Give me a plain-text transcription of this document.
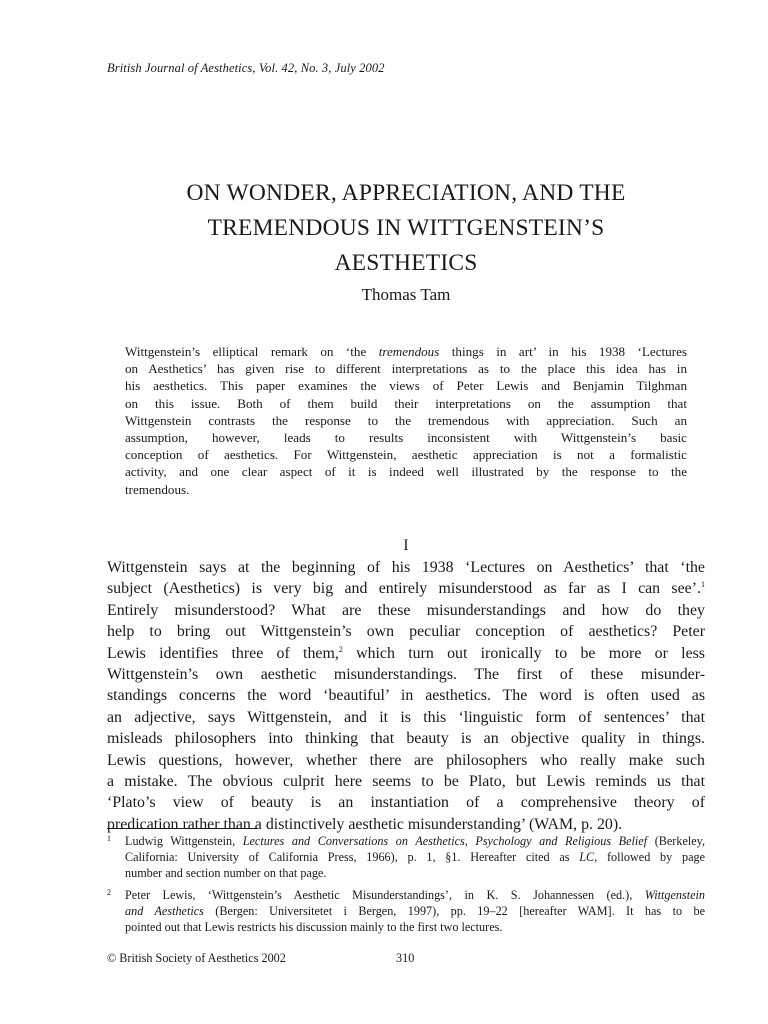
British Journal of Aesthetics, Vol. 42, No. 3, July 2002
ON WONDER, APPRECIATION, AND THE
TREMENDOUS IN WITTGENSTEIN’S
AESTHETICS
Thomas Tam
Wittgenstein’s elliptical remark on ‘the tremendous things in art’ in his 1938 ‘Lectures
on Aesthetics’ has given rise to different interpretations as to the place this idea has in
his aesthetics. This paper examines the views of Peter Lewis and Benjamin Tilghman
on this issue. Both of them build their interpretations on the assumption that
Wittgenstein contrasts the response to the tremendous with appreciation. Such an
assumption, however, leads to results inconsistent with Wittgenstein’s basic
conception of aesthetics. For Wittgenstein, aesthetic appreciation is not a formalistic
activity, and one clear aspect of it is indeed well illustrated by the response to the
tremendous.
I
Wittgenstein says at the beginning of his 1938 ‘Lectures on Aesthetics’ that ‘the
subject (Aesthetics) is very big and entirely misunderstood as far as I can see’.$^1$
Entirely misunderstood? What are these misunderstandings and how do they
help to bring out Wittgenstein’s own peculiar conception of aesthetics? Peter
Lewis identifies three of them,$^2$ which turn out ironically to be more or less
Wittgenstein’s own aesthetic misunderstandings. The first of these misunder-
standings concerns the word ‘beautiful’ in aesthetics. The word is often used as
an adjective, says Wittgenstein, and it is this ‘linguistic form of sentences’ that
misleads philosophers into thinking that beauty is an objective quality in things.
Lewis questions, however, whether there are philosophers who really make such
a mistake. The obvious culprit here seems to be Plato, but Lewis reminds us that
‘Plato’s view of beauty is an instantiation of a comprehensive theory of
predication rather than a distinctively aesthetic misunderstanding’ (WAM, p. 20).
1 Ludwig Wittgenstein, Lectures and Conversations on Aesthetics, Psychology and Religious Belief (Berkeley,
California: University of California Press, 1966), p. 1, §1. Hereafter cited as LC, followed by page
number and section number on that page.
2 Peter Lewis, ‘Wittgenstein’s Aesthetic Misunderstandings’, in K. S. Johannessen (ed.), Wittgenstein
and Aesthetics (Bergen: Universitetet i Bergen, 1997), pp. 19–22 [hereafter WAM]. It has to be
pointed out that Lewis restricts his discussion mainly to the first two lectures.
© British Society of Aesthetics 2002	310
